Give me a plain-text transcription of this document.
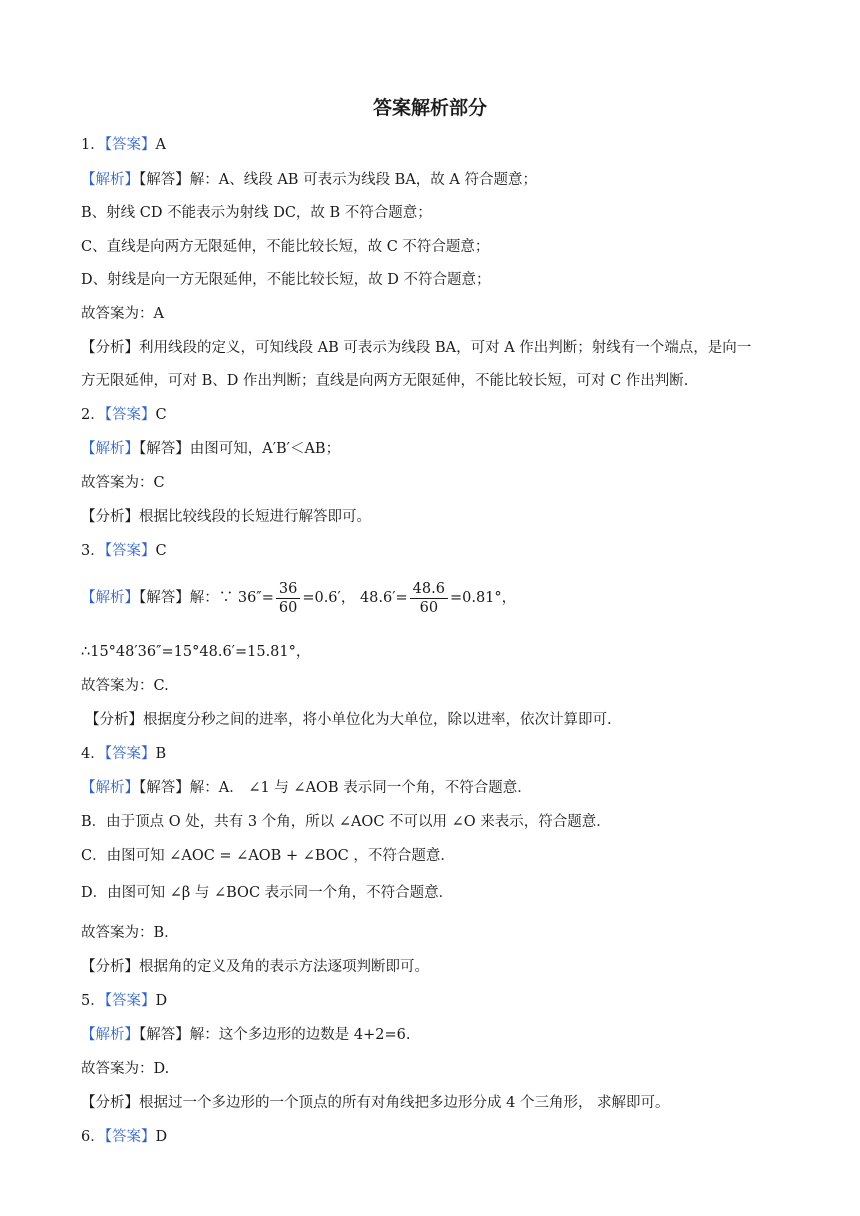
答案解析部分
1．【答案】A
【解析】【解答】解：A、线段 AB 可表示为线段 BA，故 A 符合题意；
B、射线 CD 不能表示为射线 DC，故 B 不符合题意；
C、直线是向两方无限延伸，不能比较长短，故 C 不符合题意；
D、射线是向一方无限延伸，不能比较长短，故 D 不符合题意；
故答案为：A
【分析】利用线段的定义，可知线段 AB 可表示为线段 BA，可对 A 作出判断；射线有一个端点，是向一
方无限延伸，可对 B、D 作出判断；直线是向两方无限延伸，不能比较长短，可对 C 作出判断.
2．【答案】C
【解析】【解答】由图可知，A′B′＜AB；
故答案为：C
【分析】根据比较线段的长短进行解答即可。
3．【答案】C
【解析】【解答】解：∵ $36''= \frac{36}{60} =0.6'$， $48.6'= \frac{48.6}{60} =0.81^\circ$，
∴15°48′36″=15°48.6′=15.81°，
故答案为：C.
【分析】根据度分秒之间的进率，将小单位化为大单位，除以进率，依次计算即可.
4．【答案】B
【解析】【解答】解：A． ∠1 与 ∠AOB 表示同一个角，不符合题意．
B．由于顶点 O 处，共有 3 个角，所以 ∠AOC 不可以用 ∠O 来表示，符合题意．
C．由图可知 ∠AOC = ∠AOB + ∠BOC ，不符合题意．
D．由图可知 ∠β 与 ∠BOC 表示同一个角，不符合题意．
故答案为：B．
【分析】根据角的定义及角的表示方法逐项判断即可。
5．【答案】D
【解析】【解答】解：这个多边形的边数是 4+2=6.
故答案为：D.
【分析】根据过一个多边形的一个顶点的所有对角线把多边形分成 4 个三角形， 求解即可。
6．【答案】D
